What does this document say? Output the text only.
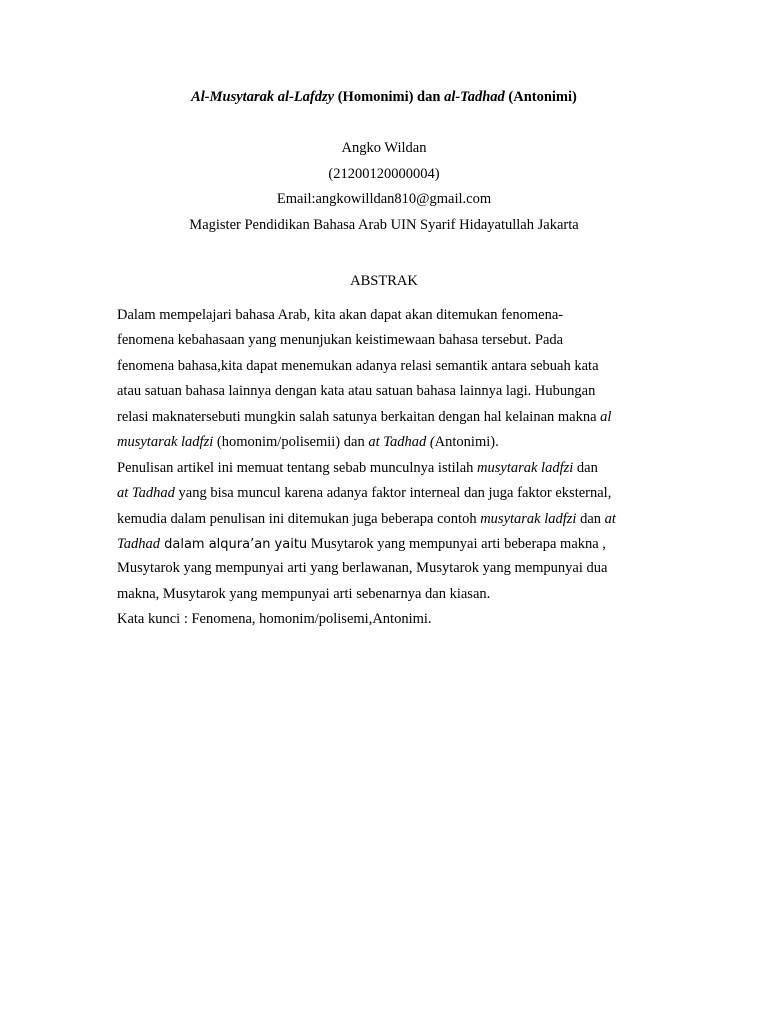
Al-Musytarak al-Lafdzy (Homonimi) dan al-Tadhad (Antonimi)
Angko Wildan
(21200120000004)
Email:angkowilldan810@gmail.com
Magister Pendidikan Bahasa Arab UIN Syarif Hidayatullah Jakarta
ABSTRAK
Dalam mempelajari bahasa Arab, kita akan dapat akan ditemukan fenomena-
fenomena kebahasaan yang menunjukan keistimewaan bahasa tersebut. Pada
fenomena bahasa,kita dapat menemukan adanya relasi semantik antara sebuah kata
atau satuan bahasa lainnya dengan kata atau satuan bahasa lainnya lagi. Hubungan
relasi maknatersebuti mungkin salah satunya berkaitan dengan hal kelainan makna al
musytarak ladfzi (homonim/polisemii) dan at Tadhad (Antonimi).
Penulisan artikel ini memuat tentang sebab munculnya istilah musytarak ladfzi dan
at Tadhad yang bisa muncul karena adanya faktor interneal dan juga faktor eksternal,
kemudia dalam penulisan ini ditemukan juga beberapa contoh musytarak ladfzi dan at
Tadhad dalam alqura’an yaitu Musytarok yang mempunyai arti beberapa makna ,
Musytarok yang mempunyai arti yang berlawanan, Musytarok yang mempunyai dua
makna, Musytarok yang mempunyai arti sebenarnya dan kiasan.
Kata kunci : Fenomena, homonim/polisemi,Antonimi.
